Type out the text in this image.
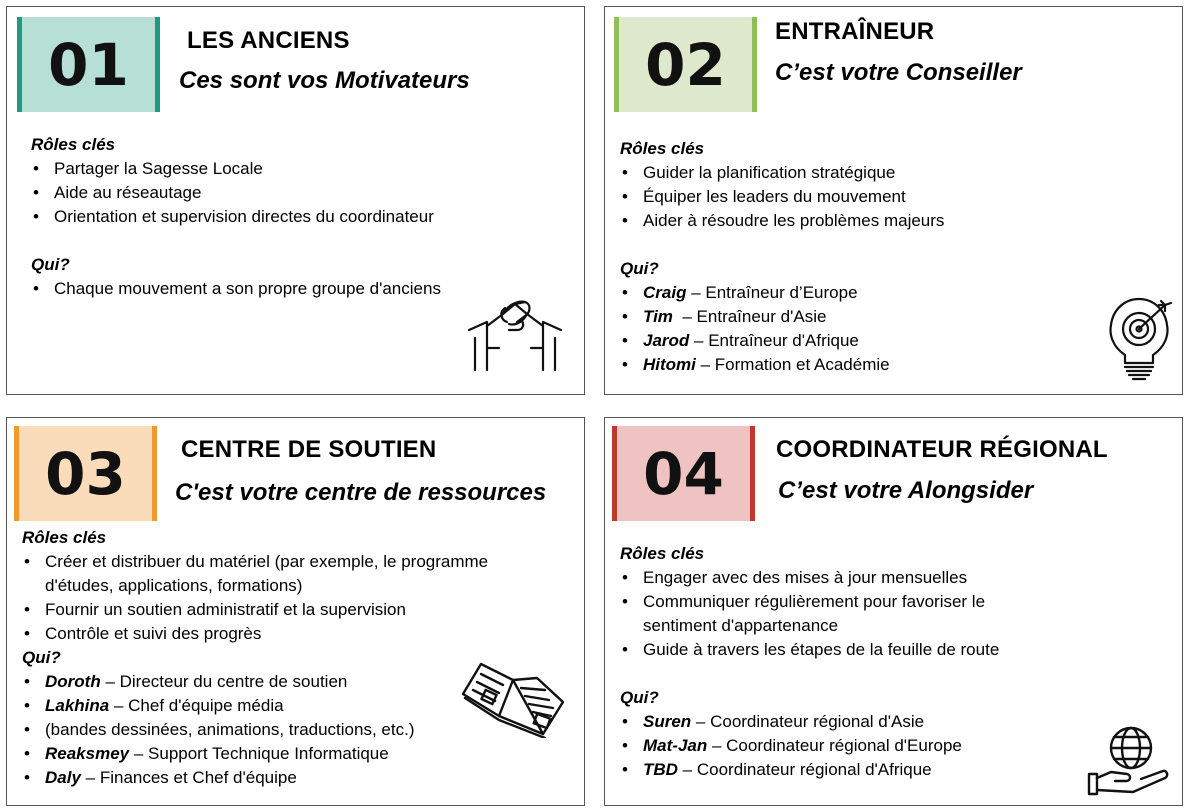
01	LES ANCIENS
Ces sont vos Motivateurs
Rôles clés
• Partager la Sagesse Locale
• Aide au réseautage
• Orientation et supervision directes du coordinateur
Qui?
• Chaque mouvement a son propre groupe d'anciens
02	ENTRAÎNEUR
C’est votre Conseiller
Rôles clés
• Guider la planification stratégique
• Équiper les leaders du mouvement
• Aider à résoudre les problèmes majeurs
Qui?
• Craig – Entraîneur d’Europe
• Tim  – Entraîneur d'Asie
• Jarod – Entraîneur d'Afrique
• Hitomi – Formation et Académie
03	CENTRE DE SOUTIEN
C'est votre centre de ressources
Rôles clés
• Créer et distribuer du matériel (par exemple, le programme d'études, applications, formations)
• Fournir un soutien administratif et la supervision
• Contrôle et suivi des progrès
Qui?
• Doroth – Directeur du centre de soutien
• Lakhina – Chef d'équipe média
• (bandes dessinées, animations, traductions, etc.)
• Reaksmey – Support Technique Informatique
• Daly – Finances et Chef d'équipe
04	COORDINATEUR RÉGIONAL
C’est votre Alongsider
Rôles clés
• Engager avec des mises à jour mensuelles
• Communiquer régulièrement pour favoriser le sentiment d'appartenance
• Guide à travers les étapes de la feuille de route
Qui?
• Suren – Coordinateur régional d'Asie
• Mat-Jan – Coordinateur régional d'Europe
• TBD – Coordinateur régional d'Afrique
